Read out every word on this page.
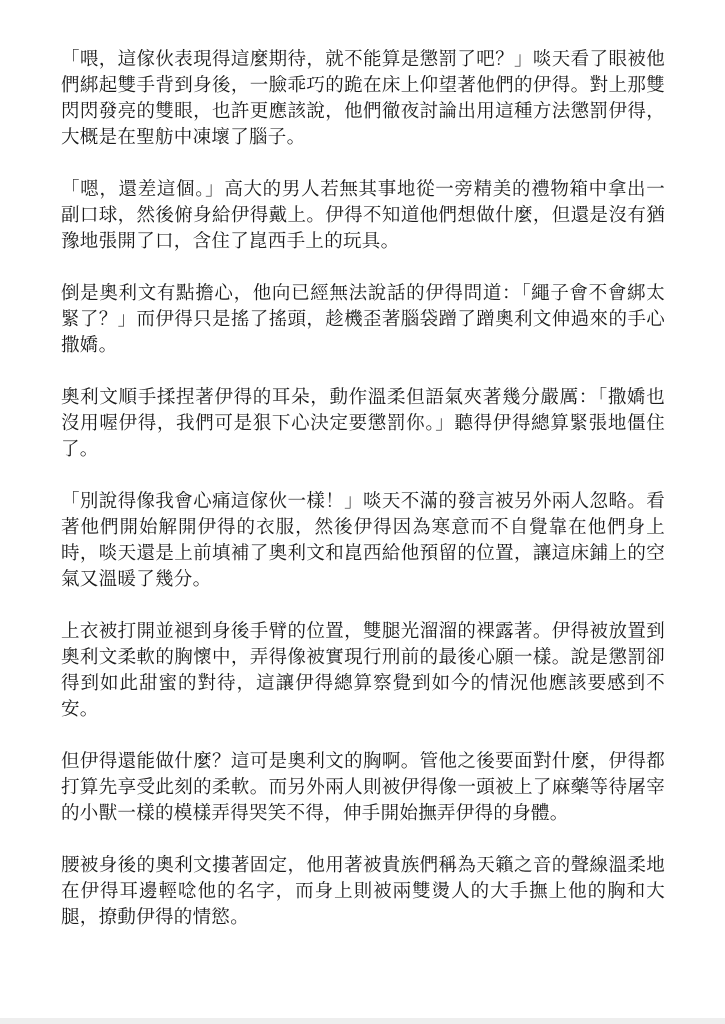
「喂，這傢伙表現得這麼期待，就不能算是懲罰了吧？」啖天看了眼被他們綁起雙手背到身後，一臉乖巧的跪在床上仰望著他們的伊得。對上那雙閃閃發亮的雙眼，也許更應該說，他們徹夜討論出用這種方法懲罰伊得，大概是在聖舫中凍壞了腦子。

「嗯，還差這個。」高大的男人若無其事地從一旁精美的禮物箱中拿出一副口球，然後俯身給伊得戴上。伊得不知道他們想做什麼，但還是沒有猶豫地張開了口，含住了崑西手上的玩具。

倒是奧利文有點擔心，他向已經無法說話的伊得問道：「繩子會不會綁太緊了？」而伊得只是搖了搖頭，趁機歪著腦袋蹭了蹭奧利文伸過來的手心撒嬌。

奧利文順手揉捏著伊得的耳朵，動作溫柔但語氣夾著幾分嚴厲：「撒嬌也沒用喔伊得，我們可是狠下心決定要懲罰你。」聽得伊得總算緊張地僵住了。

「別說得像我會心痛這傢伙一樣！」啖天不滿的發言被另外兩人忽略。看著他們開始解開伊得的衣服，然後伊得因為寒意而不自覺靠在他們身上時，啖天還是上前填補了奧利文和崑西給他預留的位置，讓這床鋪上的空氣又溫暖了幾分。

上衣被打開並褪到身後手臂的位置，雙腿光溜溜的裸露著。伊得被放置到奧利文柔軟的胸懷中，弄得像被實現行刑前的最後心願一樣。說是懲罰卻得到如此甜蜜的對待，這讓伊得總算察覺到如今的情況他應該要感到不安。

但伊得還能做什麼？這可是奧利文的胸啊。管他之後要面對什麼，伊得都打算先享受此刻的柔軟。而另外兩人則被伊得像一頭被上了麻藥等待屠宰的小獸一樣的模樣弄得哭笑不得，伸手開始撫弄伊得的身體。

腰被身後的奧利文摟著固定，他用著被貴族們稱為天籟之音的聲線溫柔地在伊得耳邊輕唸他的名字，而身上則被兩雙燙人的大手撫上他的胸和大腿，撩動伊得的情慾。
